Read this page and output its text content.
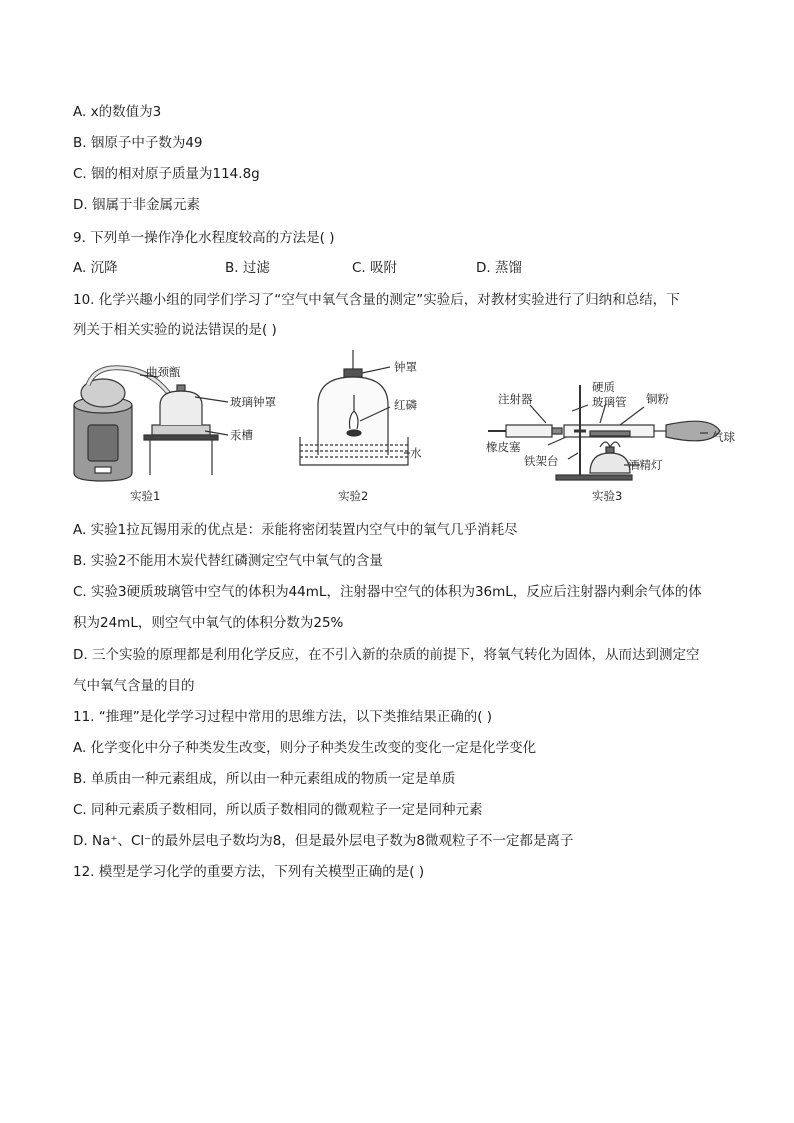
A. x的数值为3
B. 铟原子中子数为49
C. 铟的相对原子质量为114.8g
D. 铟属于非金属元素
9. 下列单一操作净化水程度较高的方法是( )
A. 沉降	B. 过滤	C. 吸附	D. 蒸馏
10. 化学兴趣小组的同学们学习了“空气中氧气含量的测定”实验后，对教材实验进行了归纳和总结，下
列关于相关实验的说法错误的是( )
曲颈甑
玻璃钟罩
汞槽
实验1
钟罩
红磷
水
实验2
注射器
硬质
玻璃管 铜粉
橡皮塞
铁架台	酒精灯
气球
实验3
A. 实验1拉瓦锡用汞的优点是：汞能将密闭装置内空气中的氧气几乎消耗尽
B. 实验2不能用木炭代替红磷测定空气中氧气的含量
C. 实验3硬质玻璃管中空气的体积为44mL，注射器中空气的体积为36mL，反应后注射器内剩余气体的体
积为24mL，则空气中氧气的体积分数为25%
D. 三个实验的原理都是利用化学反应，在不引入新的杂质的前提下，将氧气转化为固体，从而达到测定空
气中氧气含量的目的
11. “推理”是化学学习过程中常用的思维方法，以下类推结果正确的( )
A. 化学变化中分子种类发生改变，则分子种类发生改变的变化一定是化学变化
B. 单质由一种元素组成，所以由一种元素组成的物质一定是单质
C. 同种元素质子数相同，所以质子数相同的微观粒子一定是同种元素
D. Na⁺、Cl⁻的最外层电子数均为8，但是最外层电子数为8微观粒子不一定都是离子
12. 模型是学习化学的重要方法，下列有关模型正确的是( )
